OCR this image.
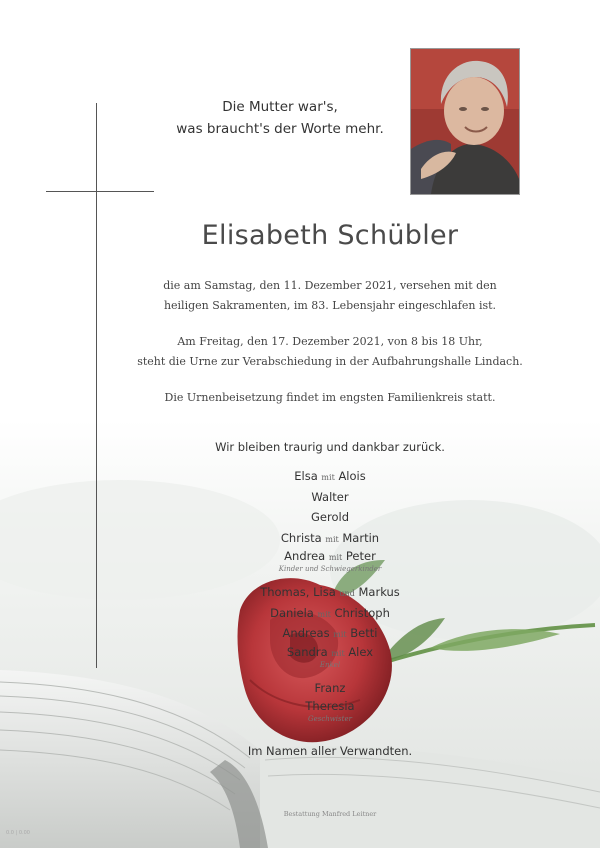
Die Mutter war's,
was braucht's der Worte mehr.
Elisabeth Schübler
die am Samstag, den 11. Dezember 2021, versehen mit den
heiligen Sakramenten, im 83. Lebensjahr eingeschlafen ist.
Am Freitag, den 17. Dezember 2021, von 8 bis 18 Uhr,
steht die Urne zur Verabschiedung in der Aufbahrungshalle Lindach.
Die Urnenbeisetzung findet im engsten Familienkreis statt.
Wir bleiben traurig und dankbar zurück.
Elsa mit Alois
Walter
Gerold
Christa mit Martin
Andrea mit Peter
Kinder und Schwiegerkinder
Thomas, Lisa und Markus
Daniela mit Christoph
Andreas mit Betti
Sandra mit Alex
Enkel
Franz
Theresia
Geschwister
Im Namen aller Verwandten.
Bestattung Manfred Leitner
0.0 | 0.00
